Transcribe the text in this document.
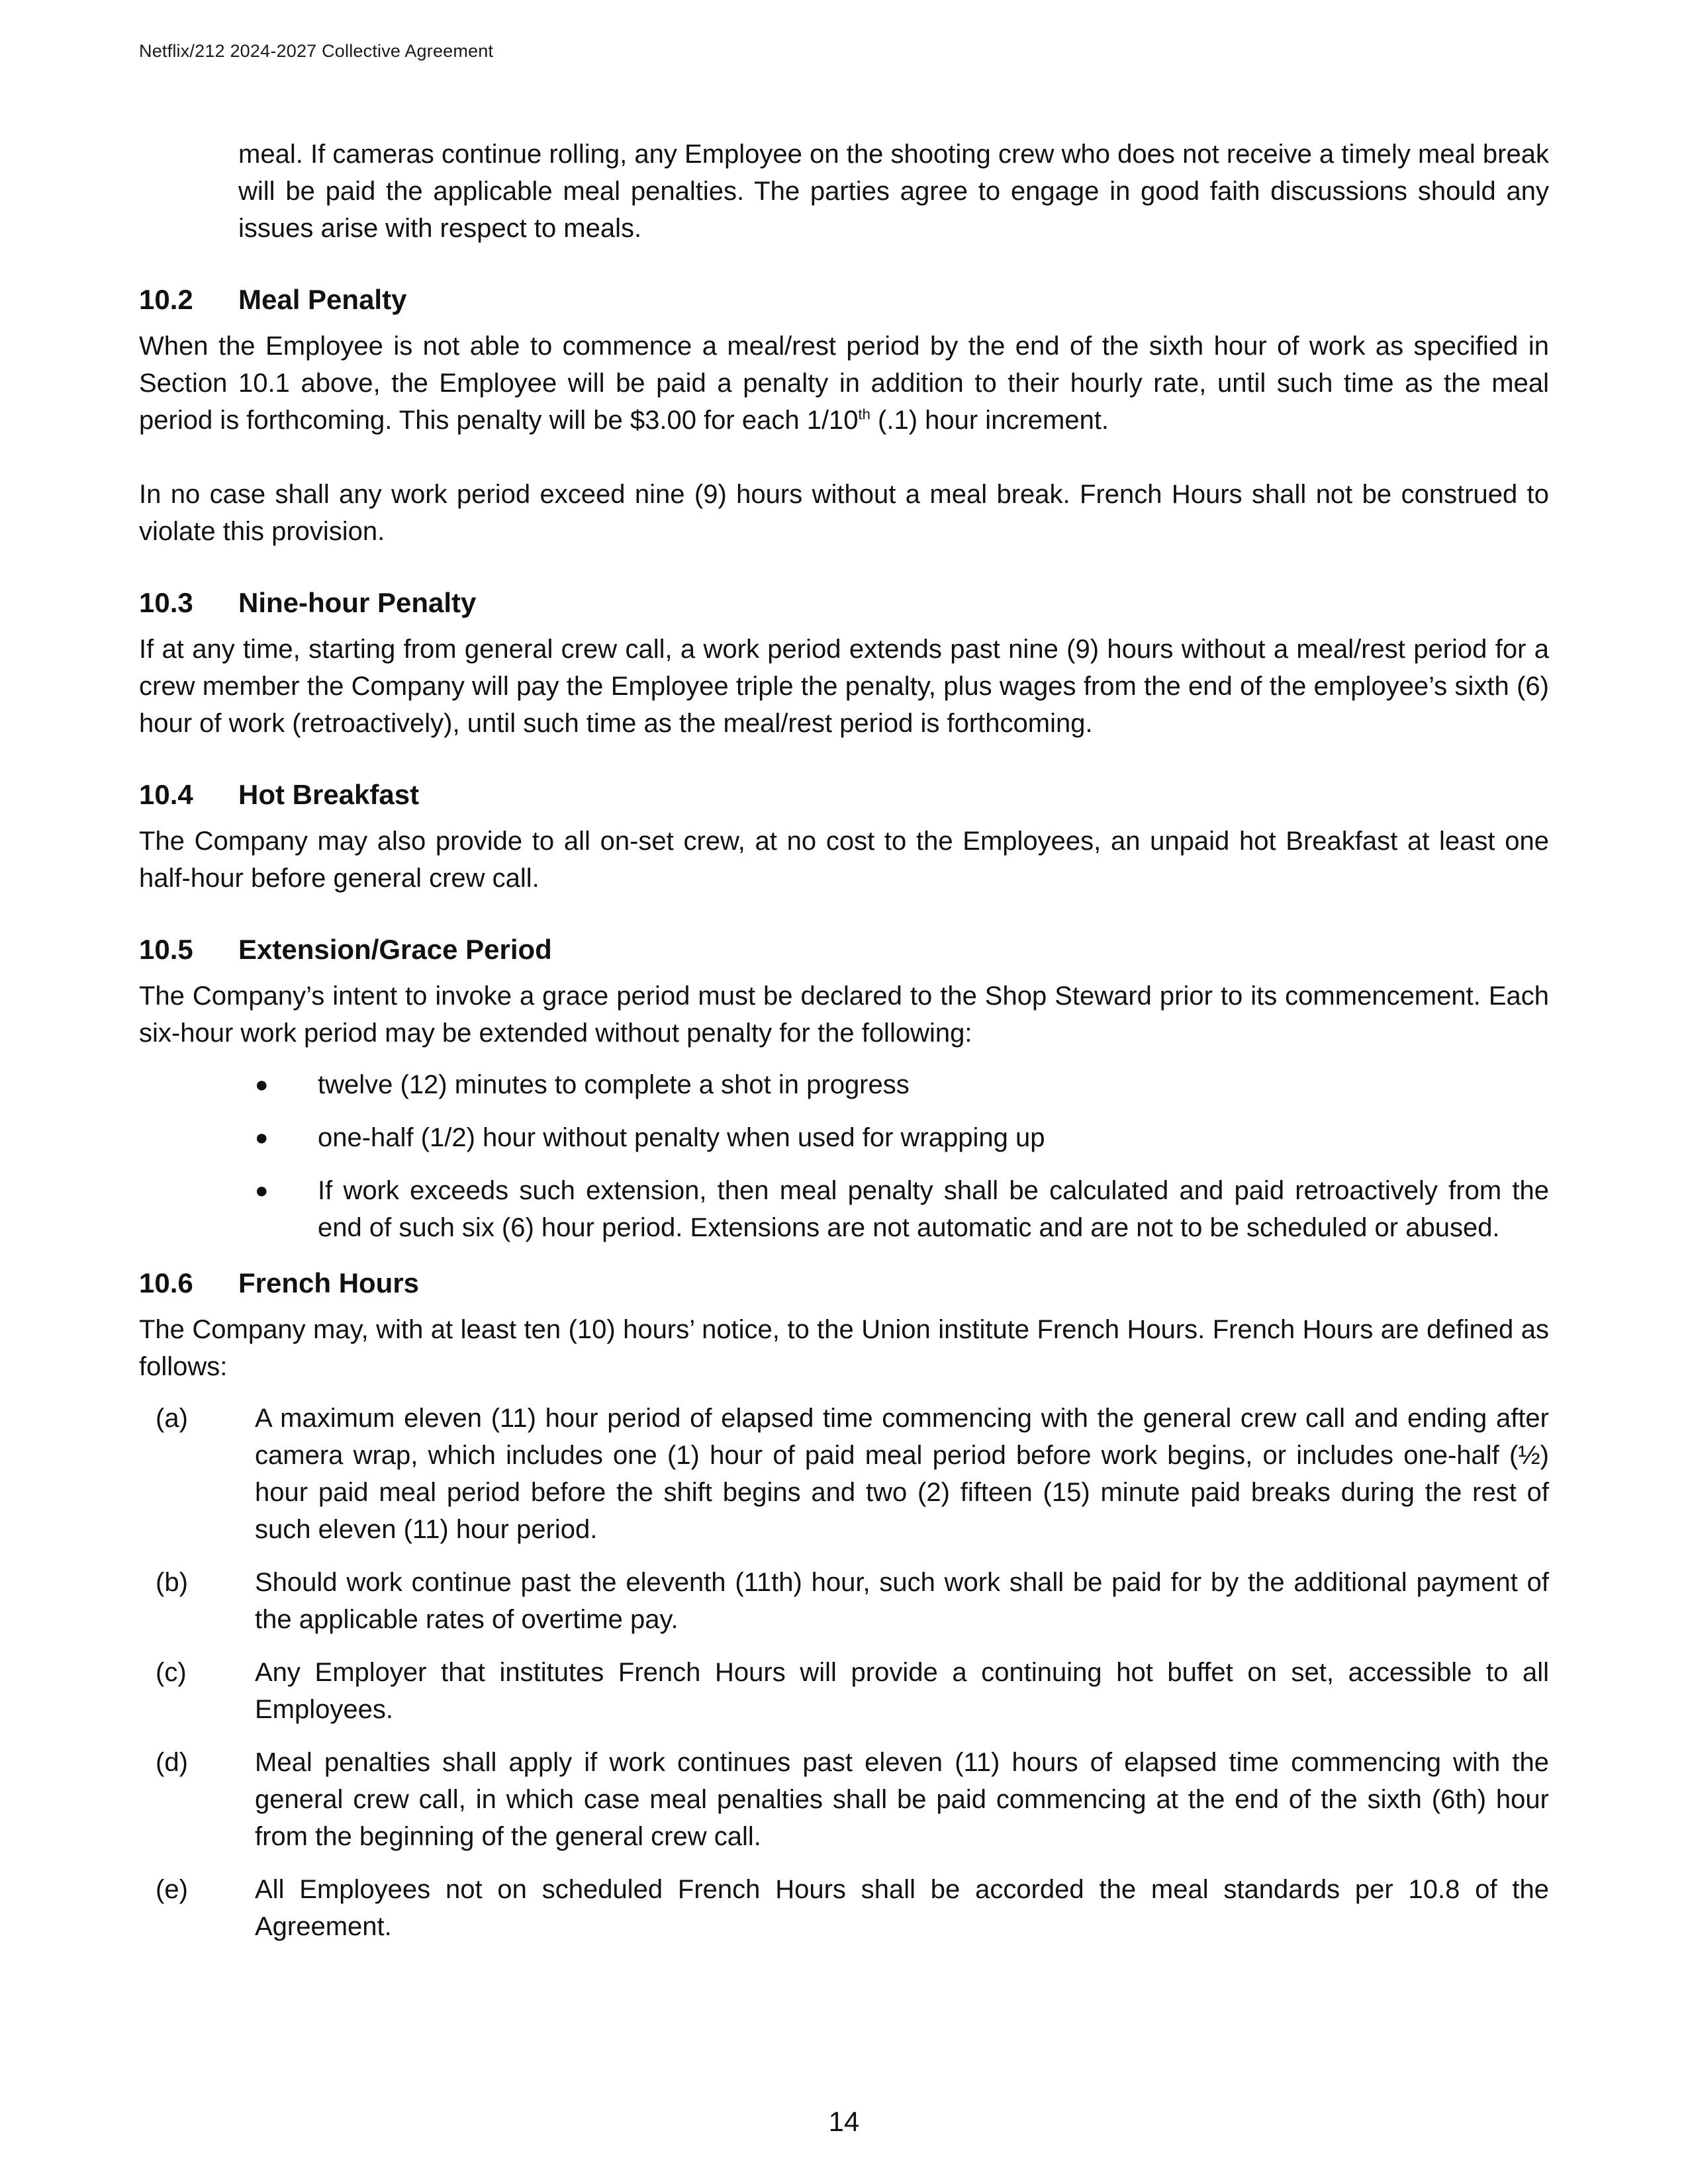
Netflix/212 2024-2027 Collective Agreement

meal. If cameras continue rolling, any Employee on the shooting crew who does not receive a timely meal break will be paid the applicable meal penalties. The parties agree to engage in good faith discussions should any issues arise with respect to meals.

10.2	Meal Penalty

When the Employee is not able to commence a meal/rest period by the end of the sixth hour of work as specified in Section 10.1 above, the Employee will be paid a penalty in addition to their hourly rate, until such time as the meal period is forthcoming. This penalty will be $3.00 for each 1/10th (.1) hour increment.

In no case shall any work period exceed nine (9) hours without a meal break. French Hours shall not be construed to violate this provision.

10.3	Nine-hour Penalty

If at any time, starting from general crew call, a work period extends past nine (9) hours without a meal/rest period for a crew member the Company will pay the Employee triple the penalty, plus wages from the end of the employee’s sixth (6) hour of work (retroactively), until such time as the meal/rest period is forthcoming.

10.4	Hot Breakfast

The Company may also provide to all on-set crew, at no cost to the Employees, an unpaid hot Breakfast at least one half-hour before general crew call.

10.5	Extension/Grace Period

The Company’s intent to invoke a grace period must be declared to the Shop Steward prior to its commencement. Each six-hour work period may be extended without penalty for the following:

●	twelve (12) minutes to complete a shot in progress
●	one-half (1/2) hour without penalty when used for wrapping up
●	If work exceeds such extension, then meal penalty shall be calculated and paid retroactively from the end of such six (6) hour period. Extensions are not automatic and are not to be scheduled or abused.
10.6	French Hours

The Company may, with at least ten (10) hours’ notice, to the Union institute French Hours. French Hours are defined as follows:

(a)	A maximum eleven (11) hour period of elapsed time commencing with the general crew call and ending after camera wrap, which includes one (1) hour of paid meal period before work begins, or includes one-half (½) hour paid meal period before the shift begins and two (2) fifteen (15) minute paid breaks during the rest of such eleven (11) hour period.
(b)	Should work continue past the eleventh (11th) hour, such work shall be paid for by the additional payment of the applicable rates of overtime pay.
(c)	Any Employer that institutes French Hours will provide a continuing hot buffet on set, accessible to all Employees.
(d)	Meal penalties shall apply if work continues past eleven (11) hours of elapsed time commencing with the general crew call, in which case meal penalties shall be paid commencing at the end of the sixth (6th) hour from the beginning of the general crew call.
(e)	All Employees not on scheduled French Hours shall be accorded the meal standards per 10.8 of the Agreement.
14
